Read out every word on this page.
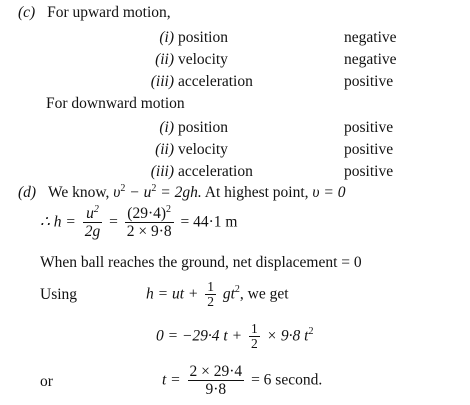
(c) For upward motion,
(i) position	negative
(ii) velocity	negative
(iii) acceleration	positive
For downward motion
(i) position	positive
(ii) velocity	positive
(iii) acceleration	positive
(d) We know, $\upsilon^2 - u^2 = 2gh$. At highest point, υ = 0
∴ $h = \frac{u^2}{2g} = \frac{(29\cdot 4)^2}{2 \times 9\cdot 8} = 44\cdot 1$ m
When ball reaches the ground, net displacement = 0
Using	h = ut + $\frac{1}{2} gt^2$, we get
0 = −29·4 $t + \frac{1}{2} \times 9\cdot 8$ $t^2$
or	$t = \frac{2 \times 29\cdot 4}{9\cdot 8} = 6$ second.
